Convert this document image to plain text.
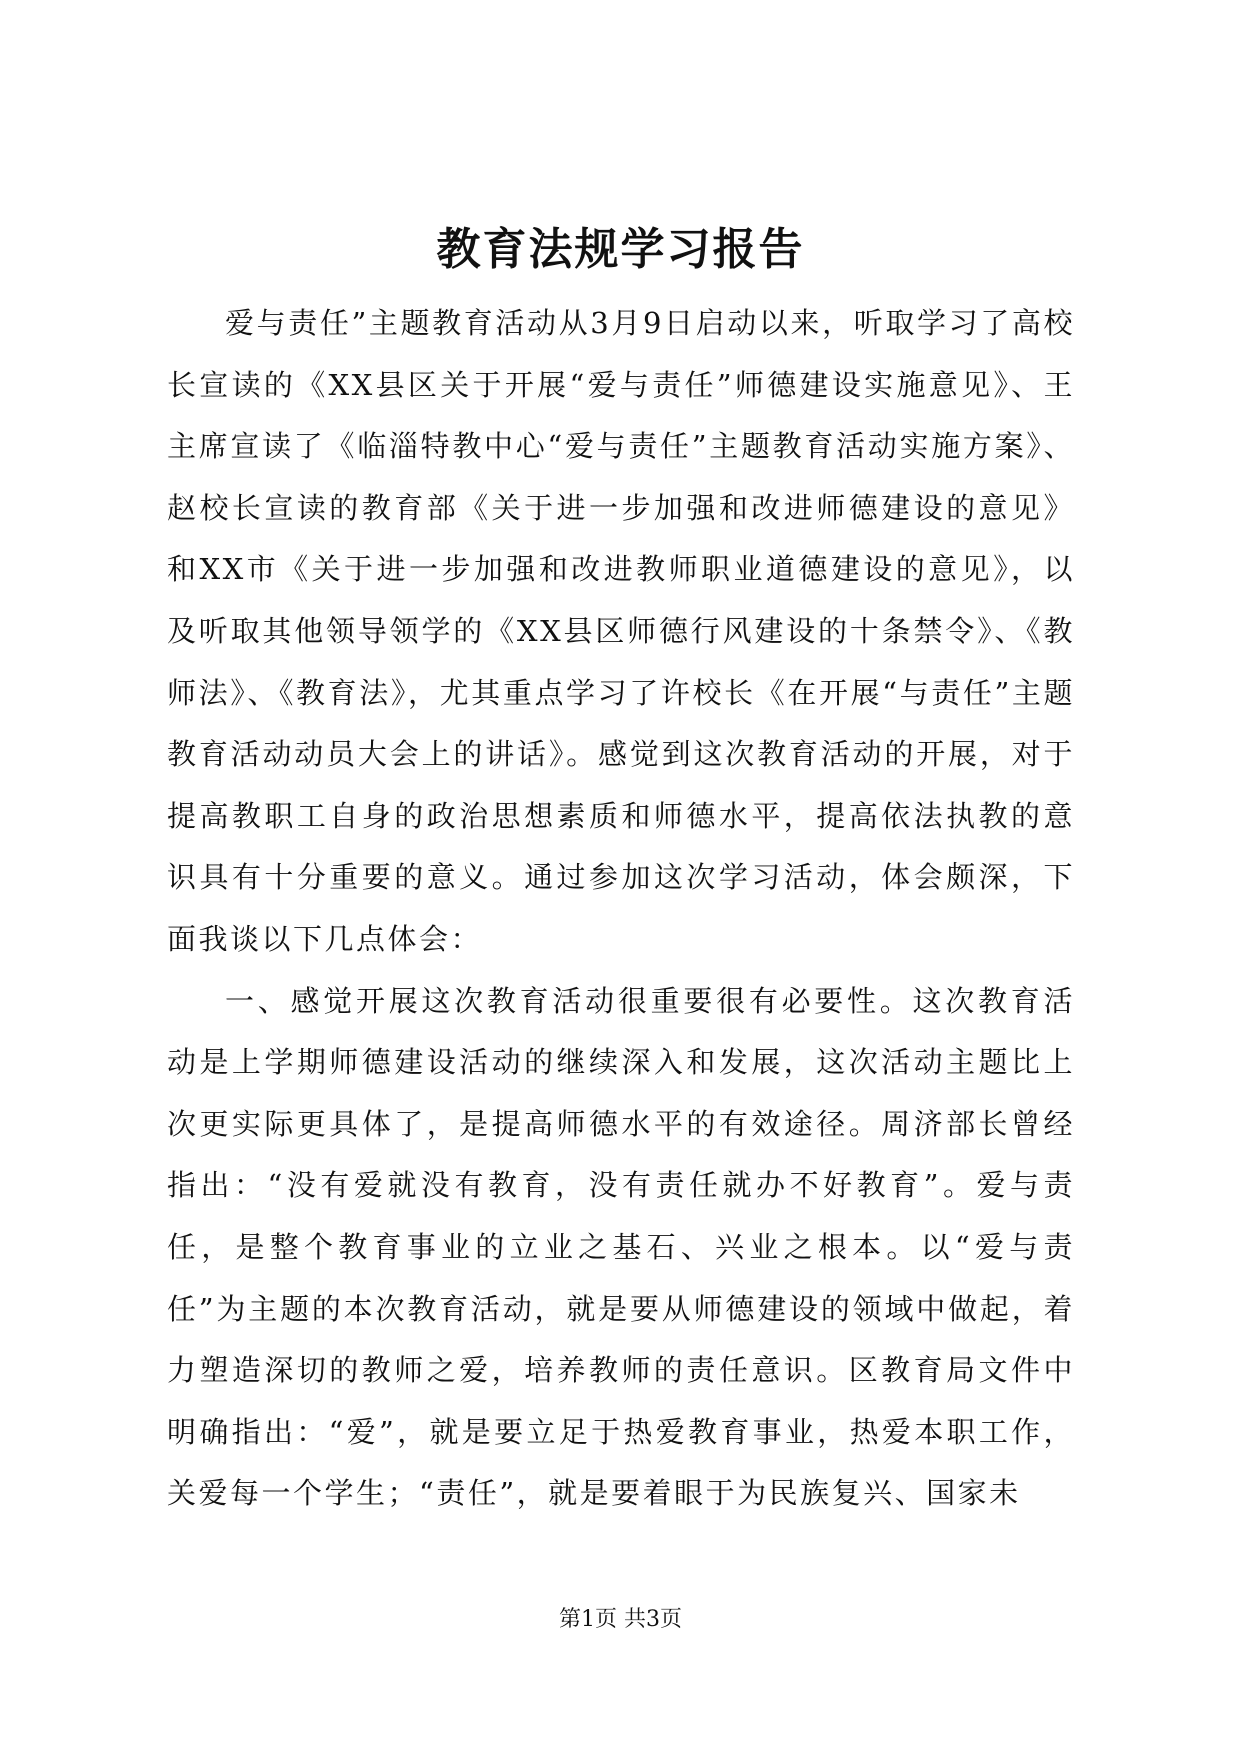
教育法规学习报告

爱与责任”主题教育活动从3月9日启动以来，听取学习了高校长宣读的《XX县区关于开展“爱与责任”师德建设实施意见》、王主席宣读了《临淄特教中心“爱与责任”主题教育活动实施方案》、赵校长宣读的教育部《关于进一步加强和改进师德建设的意见》和XX市《关于进一步加强和改进教师职业道德建设的意见》，以及听取其他领导领学的《XX县区师德行风建设的十条禁令》、《教师法》、《教育法》，尤其重点学习了许校长《在开展“与责任”主题教育活动动员大会上的讲话》。感觉到这次教育活动的开展，对于提高教职工自身的政治思想素质和师德水平，提高依法执教的意识具有十分重要的意义。通过参加这次学习活动，体会颇深，下面我谈以下几点体会：

一、感觉开展这次教育活动很重要很有必要性。这次教育活动是上学期师德建设活动的继续深入和发展，这次活动主题比上次更实际更具体了，是提高师德水平的有效途径。周济部长曾经指出：“没有爱就没有教育，没有责任就办不好教育”。爱与责任，是整个教育事业的立业之基石、兴业之根本。以“爱与责任”为主题的本次教育活动，就是要从师德建设的领域中做起，着力塑造深切的教师之爱，培养教师的责任意识。区教育局文件中明确指出：“爱”，就是要立足于热爱教育事业，热爱本职工作，关爱每一个学生；“责任”，就是要着眼于为民族复兴、国家未

第1页 共3页
